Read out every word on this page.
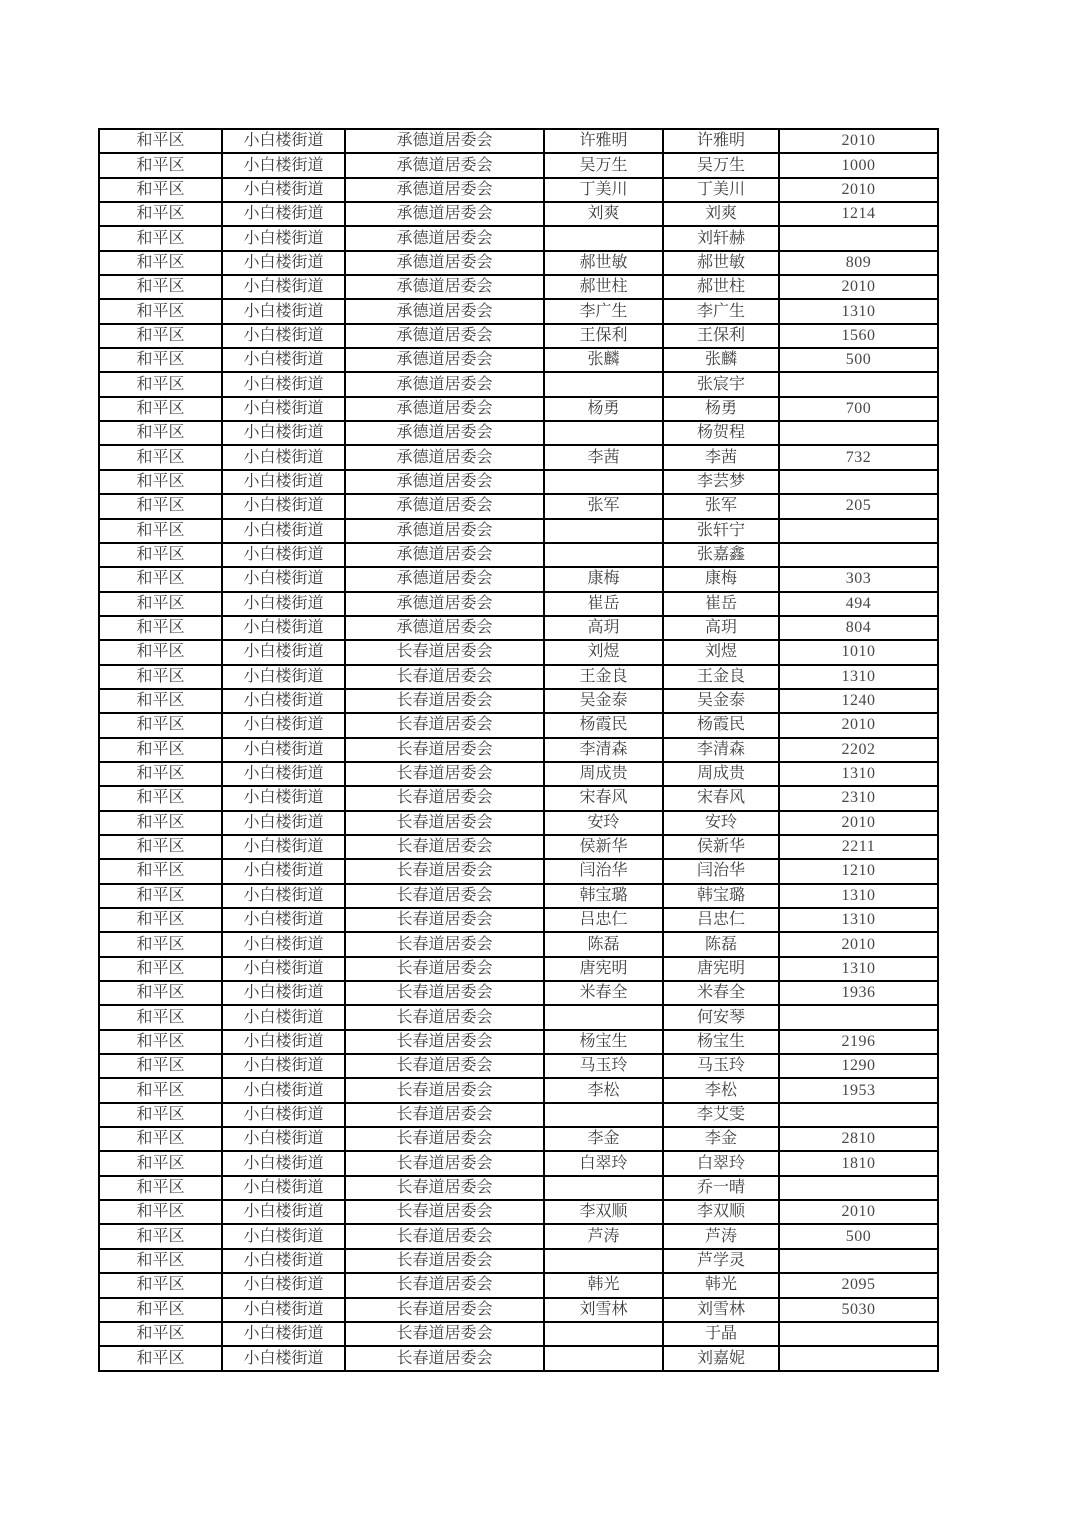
和平区	小白楼街道	承德道居委会	许雅明	许雅明	2010
和平区	小白楼街道	承德道居委会	吴万生	吴万生	1000
和平区	小白楼街道	承德道居委会	丁美川	丁美川	2010
和平区	小白楼街道	承德道居委会	刘爽	刘爽	1214
和平区	小白楼街道	承德道居委会		刘轩赫	
和平区	小白楼街道	承德道居委会	郝世敏	郝世敏	809
和平区	小白楼街道	承德道居委会	郝世柱	郝世柱	2010
和平区	小白楼街道	承德道居委会	李广生	李广生	1310
和平区	小白楼街道	承德道居委会	王保利	王保利	1560
和平区	小白楼街道	承德道居委会	张麟	张麟	500
和平区	小白楼街道	承德道居委会		张宸宇	
和平区	小白楼街道	承德道居委会	杨勇	杨勇	700
和平区	小白楼街道	承德道居委会		杨贺程	
和平区	小白楼街道	承德道居委会	李茜	李茜	732
和平区	小白楼街道	承德道居委会		李芸梦	
和平区	小白楼街道	承德道居委会	张军	张军	205
和平区	小白楼街道	承德道居委会		张轩宁	
和平区	小白楼街道	承德道居委会		张嘉鑫	
和平区	小白楼街道	承德道居委会	康梅	康梅	303
和平区	小白楼街道	承德道居委会	崔岳	崔岳	494
和平区	小白楼街道	承德道居委会	高玥	高玥	804
和平区	小白楼街道	长春道居委会	刘煜	刘煜	1010
和平区	小白楼街道	长春道居委会	王金良	王金良	1310
和平区	小白楼街道	长春道居委会	吴金泰	吴金泰	1240
和平区	小白楼街道	长春道居委会	杨霞民	杨霞民	2010
和平区	小白楼街道	长春道居委会	李清森	李清森	2202
和平区	小白楼街道	长春道居委会	周成贵	周成贵	1310
和平区	小白楼街道	长春道居委会	宋春风	宋春风	2310
和平区	小白楼街道	长春道居委会	安玲	安玲	2010
和平区	小白楼街道	长春道居委会	侯新华	侯新华	2211
和平区	小白楼街道	长春道居委会	闫治华	闫治华	1210
和平区	小白楼街道	长春道居委会	韩宝璐	韩宝璐	1310
和平区	小白楼街道	长春道居委会	吕忠仁	吕忠仁	1310
和平区	小白楼街道	长春道居委会	陈磊	陈磊	2010
和平区	小白楼街道	长春道居委会	唐宪明	唐宪明	1310
和平区	小白楼街道	长春道居委会	米春全	米春全	1936
和平区	小白楼街道	长春道居委会		何安琴	
和平区	小白楼街道	长春道居委会	杨宝生	杨宝生	2196
和平区	小白楼街道	长春道居委会	马玉玲	马玉玲	1290
和平区	小白楼街道	长春道居委会	李松	李松	1953
和平区	小白楼街道	长春道居委会		李艾雯	
和平区	小白楼街道	长春道居委会	李金	李金	2810
和平区	小白楼街道	长春道居委会	白翠玲	白翠玲	1810
和平区	小白楼街道	长春道居委会		乔一晴	
和平区	小白楼街道	长春道居委会	李双顺	李双顺	2010
和平区	小白楼街道	长春道居委会	芦涛	芦涛	500
和平区	小白楼街道	长春道居委会		芦学灵	
和平区	小白楼街道	长春道居委会	韩光	韩光	2095
和平区	小白楼街道	长春道居委会	刘雪林	刘雪林	5030
和平区	小白楼街道	长春道居委会		于晶	
和平区	小白楼街道	长春道居委会		刘嘉妮	
